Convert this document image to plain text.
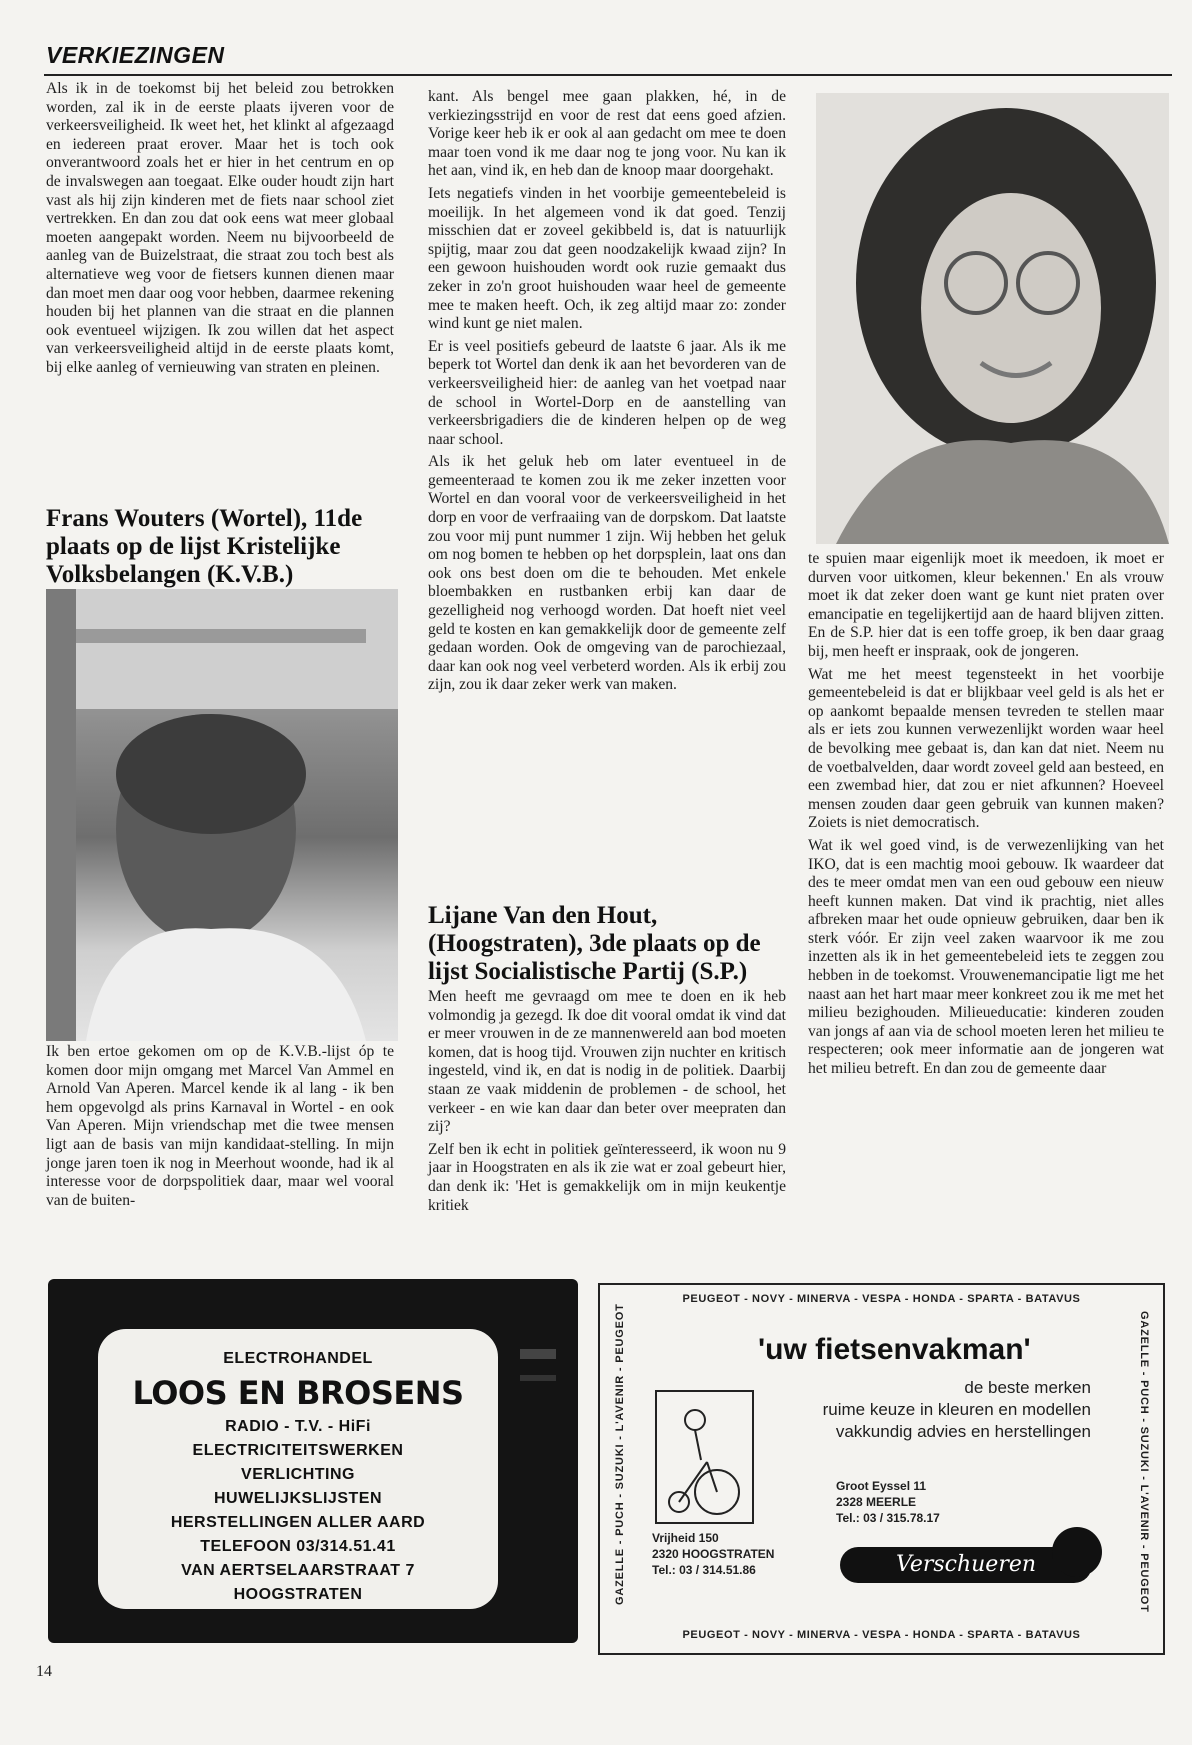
VERKIEZINGEN

Als ik in de toekomst bij het beleid zou betrokken worden, zal ik in de eerste plaats ijveren voor de verkeersveiligheid. Ik weet het, het klinkt al afgezaagd en iedereen praat erover. Maar het is toch ook onverantwoord zoals het er hier in het centrum en op de invalswegen aan toegaat. Elke ouder houdt zijn hart vast als hij zijn kinderen met de fiets naar school ziet vertrekken. En dan zou dat ook eens wat meer globaal moeten aangepakt worden. Neem nu bijvoorbeeld de aanleg van de Buizelstraat, die straat zou toch best als alternatieve weg voor de fietsers kunnen dienen maar dan moet men daar oog voor hebben, daarmee rekening houden bij het plannen van die straat en die plannen ook eventueel wijzigen. Ik zou willen dat het aspect van verkeersveiligheid altijd in de eerste plaats komt, bij elke aanleg of vernieuwing van straten en pleinen.

Frans Wouters (Wortel), 11de plaats op de lijst Kristelijke Volksbelangen (K.V.B.)

Ik ben ertoe gekomen om op de K.V.B.-lijst óp te komen door mijn omgang met Marcel Van Ammel en Arnold Van Aperen. Marcel kende ik al lang - ik ben hem opgevolgd als prins Karnaval in Wortel - en ook Van Aperen. Mijn vriendschap met die twee mensen ligt aan de basis van mijn kandidaat-stelling. In mijn jonge jaren toen ik nog in Meerhout woonde, had ik al interesse voor de dorpspolitiek daar, maar wel vooral van de buiten-

kant. Als bengel mee gaan plakken, hé, in de verkiezingsstrijd en voor de rest dat eens goed afzien. Vorige keer heb ik er ook al aan gedacht om mee te doen maar toen vond ik me daar nog te jong voor. Nu kan ik het aan, vind ik, en heb dan de knoop maar doorgehakt.

Iets negatiefs vinden in het voorbije gemeentebeleid is moeilijk. In het algemeen vond ik dat goed. Tenzij misschien dat er zoveel gekibbeld is, dat is natuurlijk spijtig, maar zou dat geen noodzakelijk kwaad zijn? In een gewoon huishouden wordt ook ruzie gemaakt dus zeker in zo'n groot huishouden waar heel de gemeente mee te maken heeft. Och, ik zeg altijd maar zo: zonder wind kunt ge niet malen.

Er is veel positiefs gebeurd de laatste 6 jaar. Als ik me beperk tot Wortel dan denk ik aan het bevorderen van de verkeersveiligheid hier: de aanleg van het voetpad naar de school in Wortel-Dorp en de aanstelling van verkeersbrigadiers die de kinderen helpen op de weg naar school.

Als ik het geluk heb om later eventueel in de gemeenteraad te komen zou ik me zeker inzetten voor Wortel en dan vooral voor de verkeersveiligheid in het dorp en voor de verfraaiing van de dorpskom. Dat laatste zou voor mij punt nummer 1 zijn. Wij hebben het geluk om nog bomen te hebben op het dorpsplein, laat ons dan ook ons best doen om die te behouden. Met enkele bloembakken en rustbanken erbij kan daar de gezelligheid nog verhoogd worden. Dat hoeft niet veel geld te kosten en kan gemakkelijk door de gemeente zelf gedaan worden. Ook de omgeving van de parochiezaal, daar kan ook nog veel verbeterd worden. Als ik erbij zou zijn, zou ik daar zeker werk van maken.

Lijane Van den Hout, (Hoogstraten), 3de plaats op de lijst Socialistische Partij (S.P.)

Men heeft me gevraagd om mee te doen en ik heb volmondig ja gezegd. Ik doe dit vooral omdat ik vind dat er meer vrouwen in de ze mannenwereld aan bod moeten komen, dat is hoog tijd. Vrouwen zijn nuchter en kritisch ingesteld, vind ik, en dat is nodig in de politiek. Daarbij staan ze vaak middenin de problemen - de school, het verkeer - en wie kan daar dan beter over meepraten dan zij?

Zelf ben ik echt in politiek geïnteresseerd, ik woon nu 9 jaar in Hoogstraten en als ik zie wat er zoal gebeurt hier, dan denk ik: 'Het is gemakkelijk om in mijn keukentje kritiek

te spuien maar eigenlijk moet ik meedoen, ik moet er durven voor uitkomen, kleur bekennen.' En als vrouw moet ik dat zeker doen want ge kunt niet praten over emancipatie en tegelijkertijd aan de haard blijven zitten. En de S.P. hier dat is een toffe groep, ik ben daar graag bij, men heeft er inspraak, ook de jongeren.

Wat me het meest tegensteekt in het voorbije gemeentebeleid is dat er blijkbaar veel geld is als het er op aankomt bepaalde mensen tevreden te stellen maar als er iets zou kunnen verwezenlijkt worden waar heel de bevolking mee gebaat is, dan kan dat niet. Neem nu de voetbalvelden, daar wordt zoveel geld aan besteed, en een zwembad hier, dat zou er niet afkunnen? Hoeveel mensen zouden daar geen gebruik van kunnen maken? Zoiets is niet democratisch.

Wat ik wel goed vind, is de verwezenlijking van het IKO, dat is een machtig mooi gebouw. Ik waardeer dat des te meer omdat men van een oud gebouw een nieuw heeft kunnen maken. Dat vind ik prachtig, niet alles afbreken maar het oude opnieuw gebruiken, daar ben ik sterk vóór. Er zijn veel zaken waarvoor ik me zou inzetten als ik in het gemeentebeleid iets te zeggen zou hebben in de toekomst. Vrouwenemancipatie ligt me het naast aan het hart maar meer konkreet zou ik me met het milieu bezighouden. Milieueducatie: kinderen zouden van jongs af aan via de school moeten leren het milieu te respecteren; ook meer informatie aan de jongeren wat het milieu betreft. En dan zou de gemeente daar

ELECTROHANDEL
LOOS EN BROSENS
RADIO - T.V. - HiFi
ELECTRICITEITSWERKEN
VERLICHTING
HUWELIJKSLIJSTEN
HERSTELLINGEN ALLER AARD
TELEFOON 03/314.51.41
VAN AERTSELAARSTRAAT 7
HOOGSTRATEN
PEUGEOT - NOVY - MINERVA - VESPA - HONDA - SPARTA - BATAVUS
PEUGEOT - NOVY - MINERVA - VESPA - HONDA - SPARTA - BATAVUS
GAZELLE - PUCH - SUZUKI - L'AVENIR - PEUGEOT	GAZELLE - PUCH - SUZUKI - L'AVENIR - PEUGEOT
'uw fietsenvakman'
de beste merken
ruime keuze in kleuren en modellen
vakkundig advies en herstellingen
Vrijheid 150
2320 HOOGSTRATEN
Tel.: 03 / 314.51.86
Groot Eyssel 11
2328 MEERLE
Tel.: 03 / 315.78.17
Verschueren
14
